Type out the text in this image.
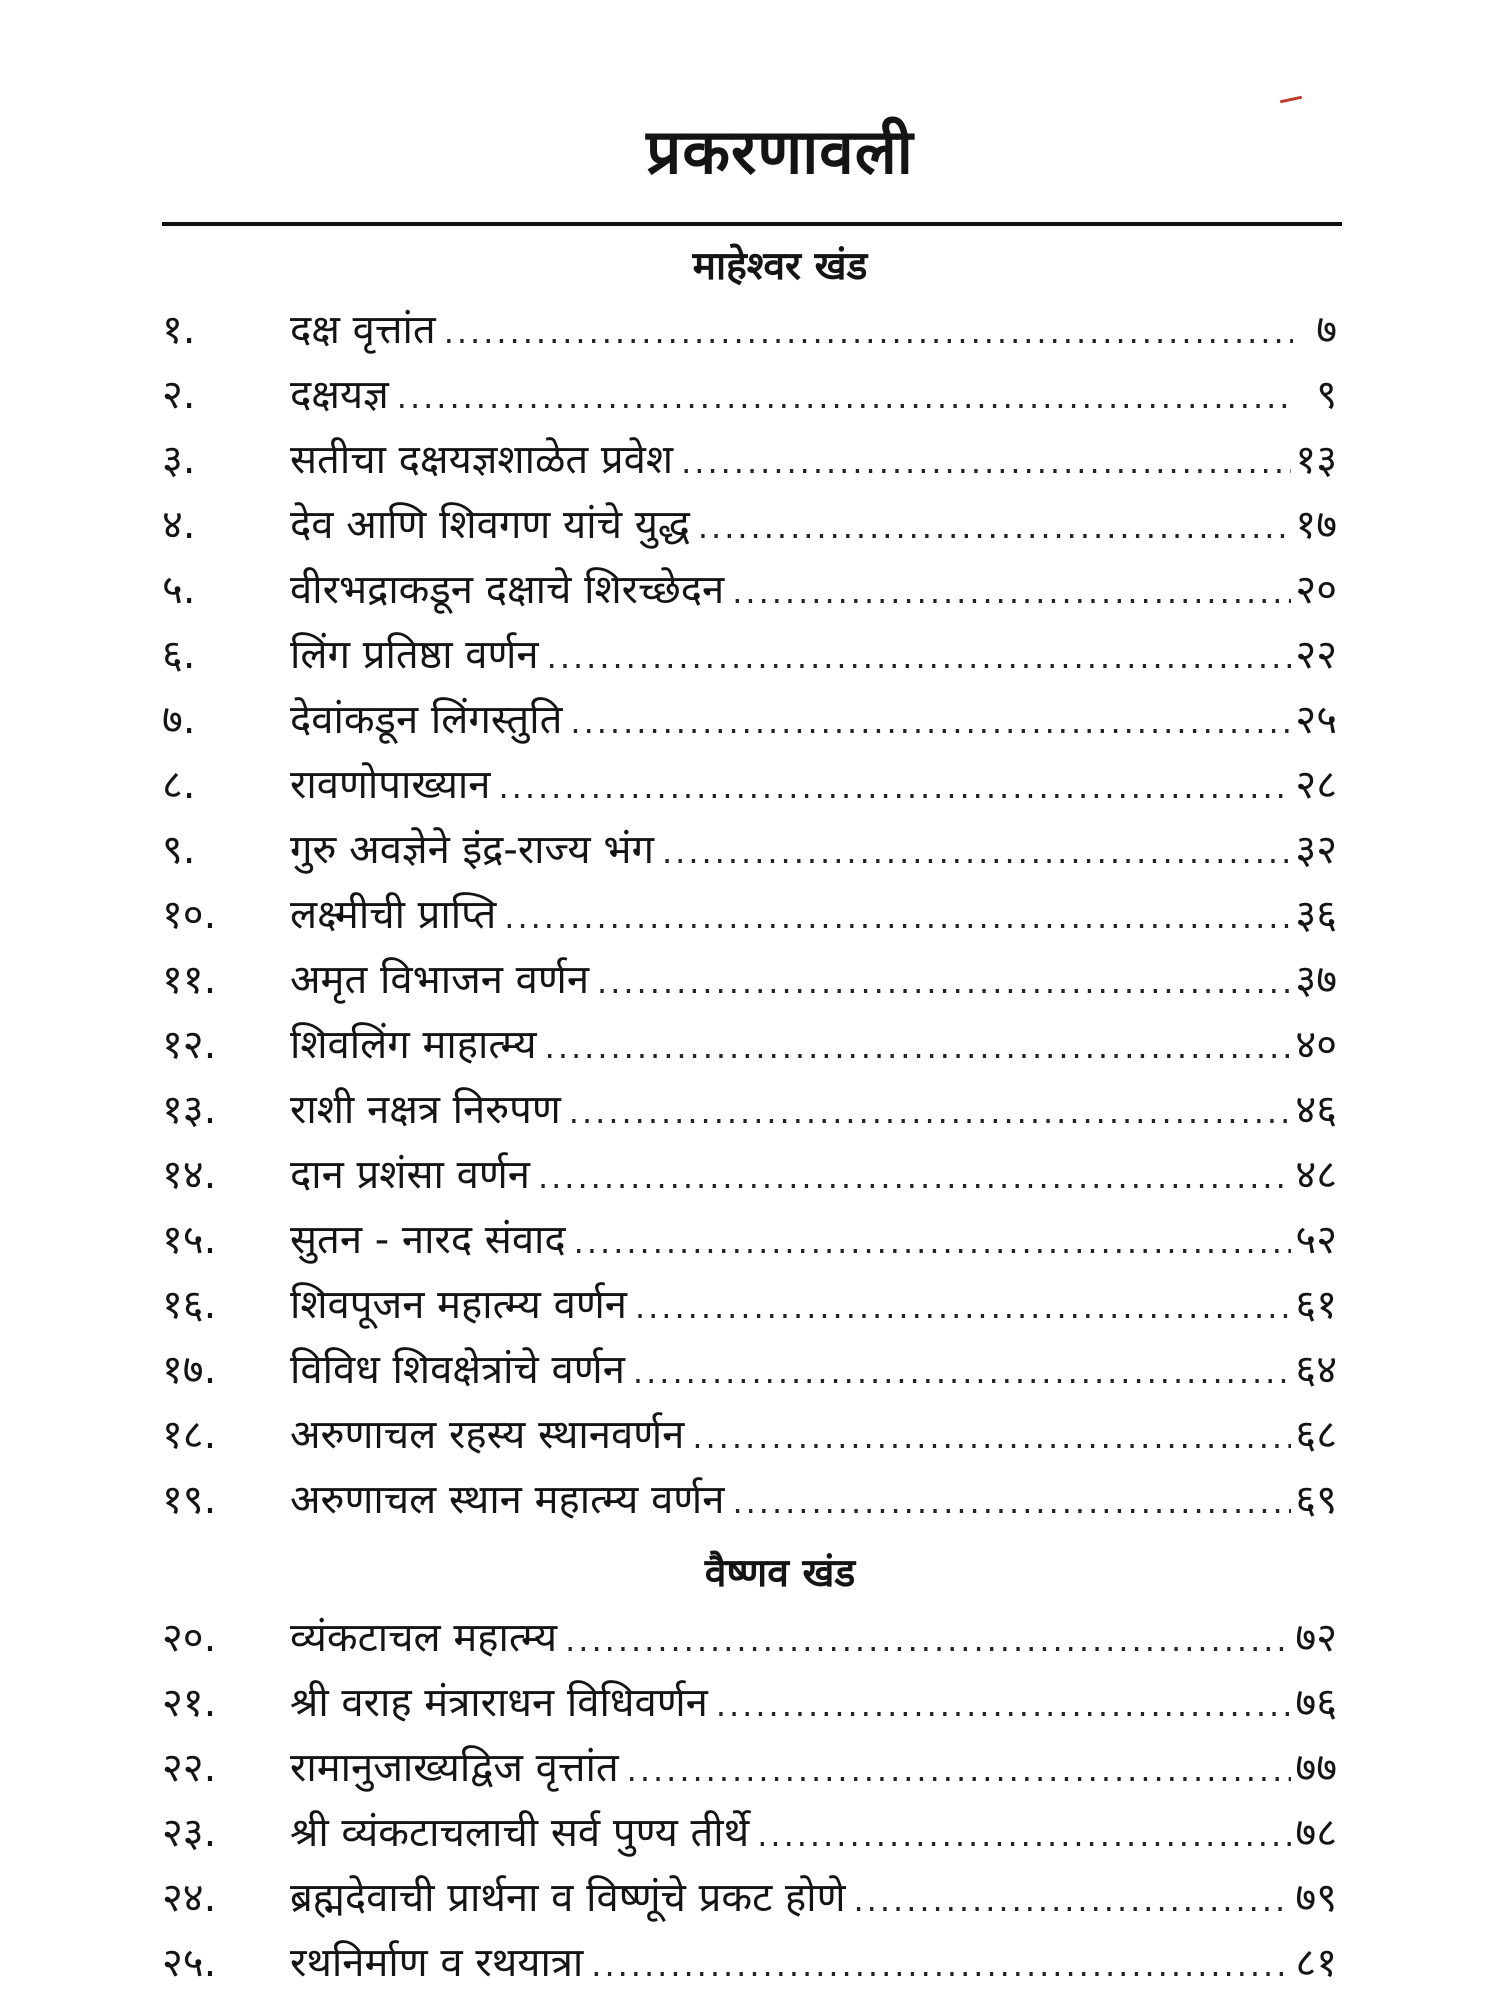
प्रकरणावली
माहेश्वर खंड
वैष्णव खंड
१.	दक्ष वृत्तांत .....	७
२.	दक्षयज्ञ .....	९
३.	सतीचा दक्षयज्ञशाळेत प्रवेश .....	१३
४.	देव आणि शिवगण यांचे युद्ध .....	१७
५.	वीरभद्राकडून दक्षाचे शिरच्छेदन .....	२०
६.	लिंग प्रतिष्ठा वर्णन .....	२२
७.	देवांकडून लिंगस्तुति .....	२५
८.	रावणोपाख्यान .....	२८
९.	गुरु अवज्ञेने इंद्र-राज्य भंग .....	३२
१०.	लक्ष्मीची प्राप्ति .....	३६
११.	अमृत विभाजन वर्णन .....	३७
१२.	शिवलिंग माहात्म्य .....	४०
१३.	राशी नक्षत्र निरुपण .....	४६
१४.	दान प्रशंसा वर्णन .....	४८
१५.	सुतन - नारद संवाद .....	५२
१६.	शिवपूजन महात्म्य वर्णन .....	६१
१७.	विविध शिवक्षेत्रांचे वर्णन .....	६४
१८.	अरुणाचल रहस्य स्थानवर्णन .....	६८
१९.	अरुणाचल स्थान महात्म्य वर्णन .....	६९
२०.	व्यंकटाचल महात्म्य .....	७२
२१.	श्री वराह मंत्राराधन विधिवर्णन .....	७६
२२.	रामानुजाख्यद्विज वृत्तांत .....	७७
२३.	श्री व्यंकटाचलाची सर्व पुण्य तीर्थे .....	७८
२४.	ब्रह्मदेवाची प्रार्थना व विष्णूंचे प्रकट होणे .....	७९
२५.	रथनिर्माण व रथयात्रा .....	८१
